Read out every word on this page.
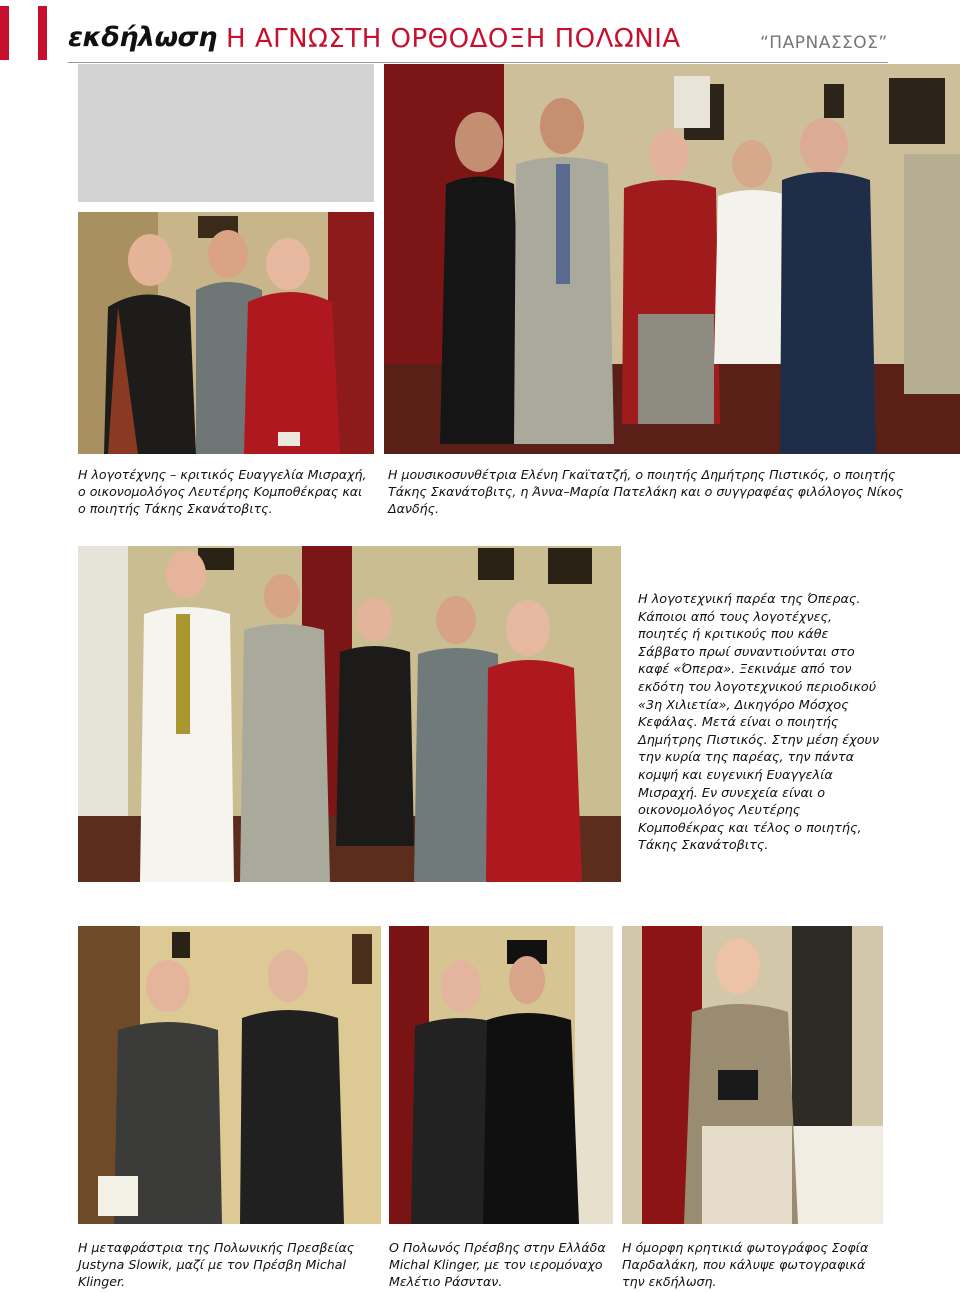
εκδήλωση Η ΑΓΝΩΣΤΗ ΟΡΘΟΔΟΞΗ ΠΟΛΩΝΙΑ	“ΠΑΡΝΑΣΣΟΣ”
Η λογοτέχνης – κριτικός Ευαγγελία Μισραχή, ο οικονομολόγος Λευτέρης Κομποθέκρας και ο ποιητής Τάκης Σκανάτοβιτς.
Η μουσικοσυνθέτρια Ελένη Γκαϊτατζή, ο ποιητής Δημήτρης Πιστικός, ο ποιητής Τάκης Σκανάτοβιτς, η Άννα–Μαρία Πατελάκη και ο συγγραφέας φιλόλογος Νίκος Δανδής.
Η λογοτεχνική παρέα της Όπερας. Κάποιοι από τους λογοτέχνες, ποιητές ή κριτικούς που κάθε Σάββατο πρωί συναντιούνται στο καφέ «Όπερα». Ξεκινάμε από τον εκδότη του λογοτεχνικού περιοδικού «3η Χιλιετία», Δικηγόρο Μόσχος Κεφάλας. Μετά είναι ο ποιητής Δημήτρης Πιστικός. Στην μέση έχουν την κυρία της παρέας, την πάντα κομψή και ευγενική Ευαγγελία Μισραχή. Εν συνεχεία είναι ο οικονομολόγος Λευτέρης Κομποθέκρας και τέλος ο ποιητής, Τάκης Σκανάτοβιτς.
Η μεταφράστρια της Πολωνικής Πρεσβείας Justyna Slowik, μαζί με τον Πρέσβη Michal Klinger.
Ο Πολωνός Πρέσβης στην Ελλάδα Michal Klinger, με τον ιερομόναχο Μελέτιο Ράσνταν.
Η όμορφη κρητικιά φωτογράφος Σοφία Παρδαλάκη, που κάλυψε φωτογραφικά την εκδήλωση.
